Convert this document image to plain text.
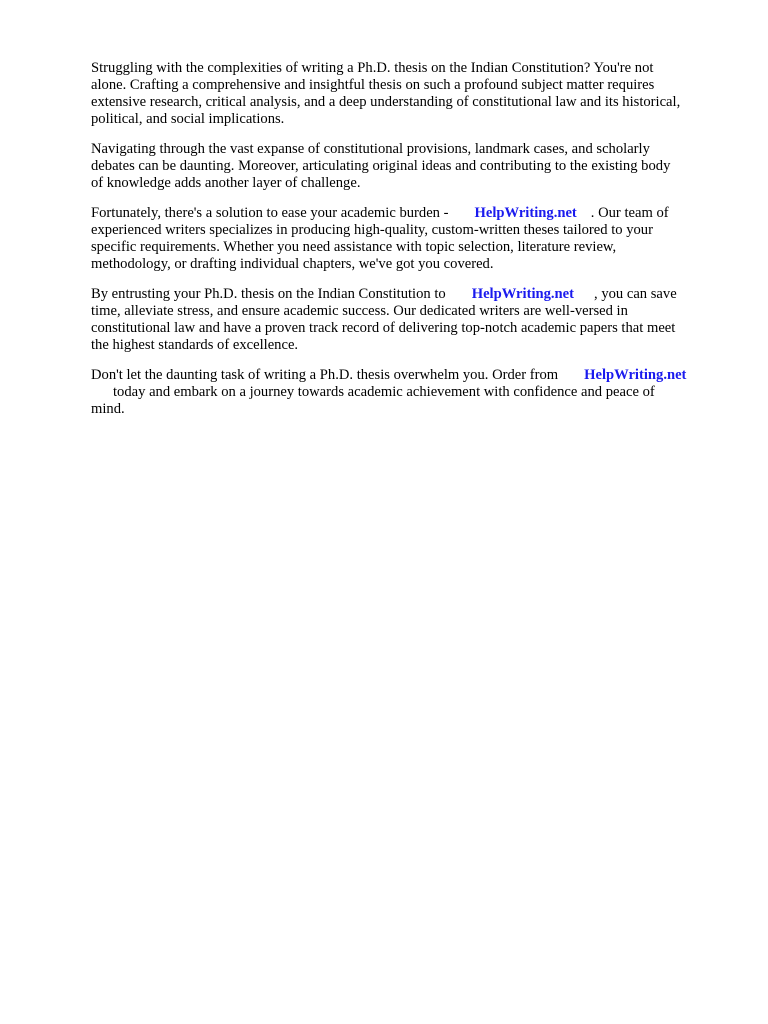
Struggling with the complexities of writing a Ph.D. thesis on the Indian Constitution? You're not
alone. Crafting a comprehensive and insightful thesis on such a profound subject matter requires
extensive research, critical analysis, and a deep understanding of constitutional law and its historical,
political, and social implications.

Navigating through the vast expanse of constitutional provisions, landmark cases, and scholarly
debates can be daunting. Moreover, articulating original ideas and contributing to the existing body
of knowledge adds another layer of challenge.

Fortunately, there's a solution to ease your academic burden - HelpWriting.net . Our team of
experienced writers specializes in producing high-quality, custom-written theses tailored to your
specific requirements. Whether you need assistance with topic selection, literature review,
methodology, or drafting individual chapters, we've got you covered.

By entrusting your Ph.D. thesis on the Indian Constitution to HelpWriting.net , you can save
time, alleviate stress, and ensure academic success. Our dedicated writers are well-versed in
constitutional law and have a proven track record of delivering top-notch academic papers that meet
the highest standards of excellence.

Don't let the daunting task of writing a Ph.D. thesis overwhelm you. Order from HelpWriting.net
today and embark on a journey towards academic achievement with confidence and peace of
mind.
